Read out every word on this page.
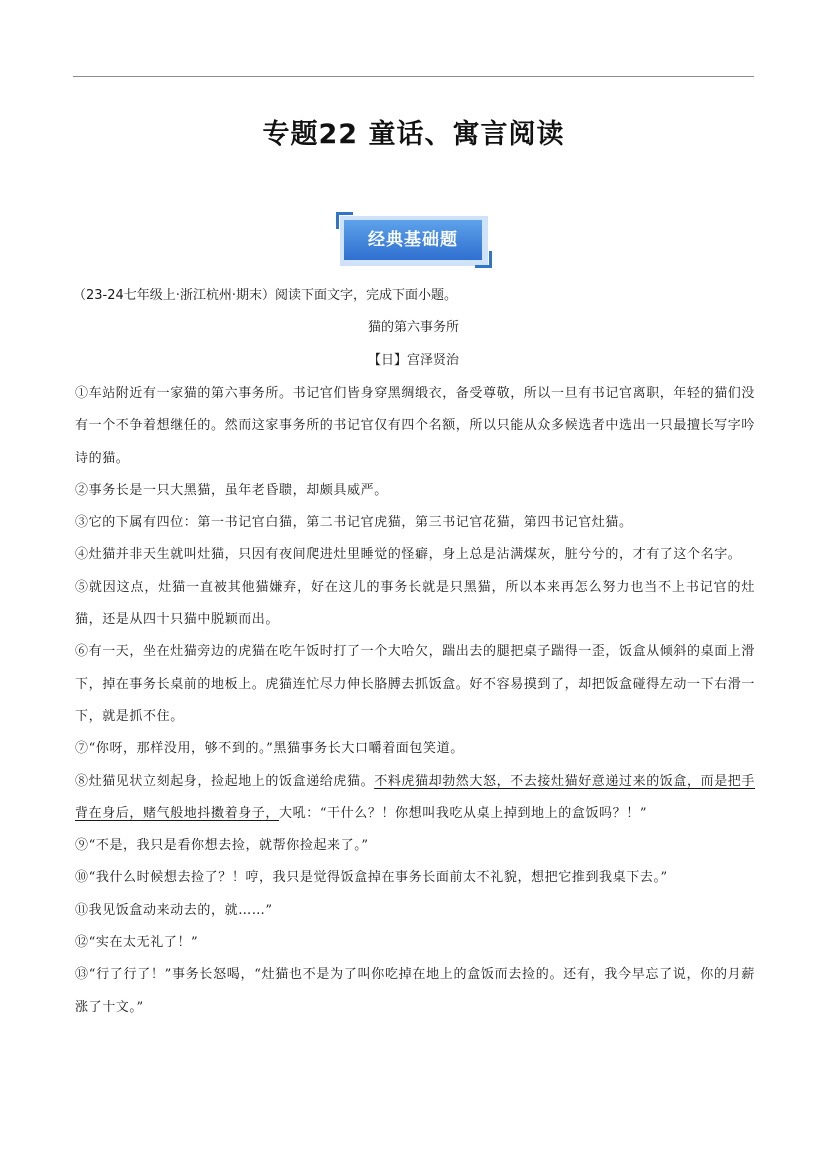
专题22 童话、寓言阅读
经典基础题
（23-24七年级上·浙江杭州·期末）阅读下面文字，完成下面小题。
猫的第六事务所
【日】宫泽贤治

①车站附近有一家猫的第六事务所。书记官们皆身穿黑绸缎衣，备受尊敬，所以一旦有书记官离职，年轻的猫们没有一个不争着想继任的。然而这家事务所的书记官仅有四个名额，所以只能从众多候选者中选出一只最擅长写字吟诗的猫。

②事务长是一只大黑猫，虽年老昏聩，却颇具威严。

③它的下属有四位：第一书记官白猫，第二书记官虎猫，第三书记官花猫，第四书记官灶猫。

④灶猫并非天生就叫灶猫，只因有夜间爬进灶里睡觉的怪癖，身上总是沾满煤灰，脏兮兮的，才有了这个名字。

⑤就因这点，灶猫一直被其他猫嫌弃，好在这儿的事务长就是只黑猫，所以本来再怎么努力也当不上书记官的灶猫，还是从四十只猫中脱颖而出。

⑥有一天，坐在灶猫旁边的虎猫在吃午饭时打了一个大哈欠，踹出去的腿把桌子踹得一歪，饭盒从倾斜的桌面上滑下，掉在事务长桌前的地板上。虎猫连忙尽力伸长胳膊去抓饭盒。好不容易摸到了，却把饭盒碰得左动一下右滑一下，就是抓不住。

⑦“你呀，那样没用，够不到的。”黑猫事务长大口嚼着面包笑道。

⑧灶猫见状立刻起身，捡起地上的饭盒递给虎猫。不料虎猫却勃然大怒，不去接灶猫好意递过来的饭盒，而是把手背在身后，赌气般地抖擞着身子，大吼：“干什么？！你想叫我吃从桌上掉到地上的盒饭吗？！”

⑨“不是，我只是看你想去捡，就帮你捡起来了。”

⑩“我什么时候想去捡了？！哼，我只是觉得饭盒掉在事务长面前太不礼貌，想把它推到我桌下去。”

⑪我见饭盒动来动去的，就……”

⑫“实在太无礼了！”

⑬“行了行了！”事务长怒喝，“灶猫也不是为了叫你吃掉在地上的盒饭而去捡的。还有，我今早忘了说，你的月薪涨了十文。”
